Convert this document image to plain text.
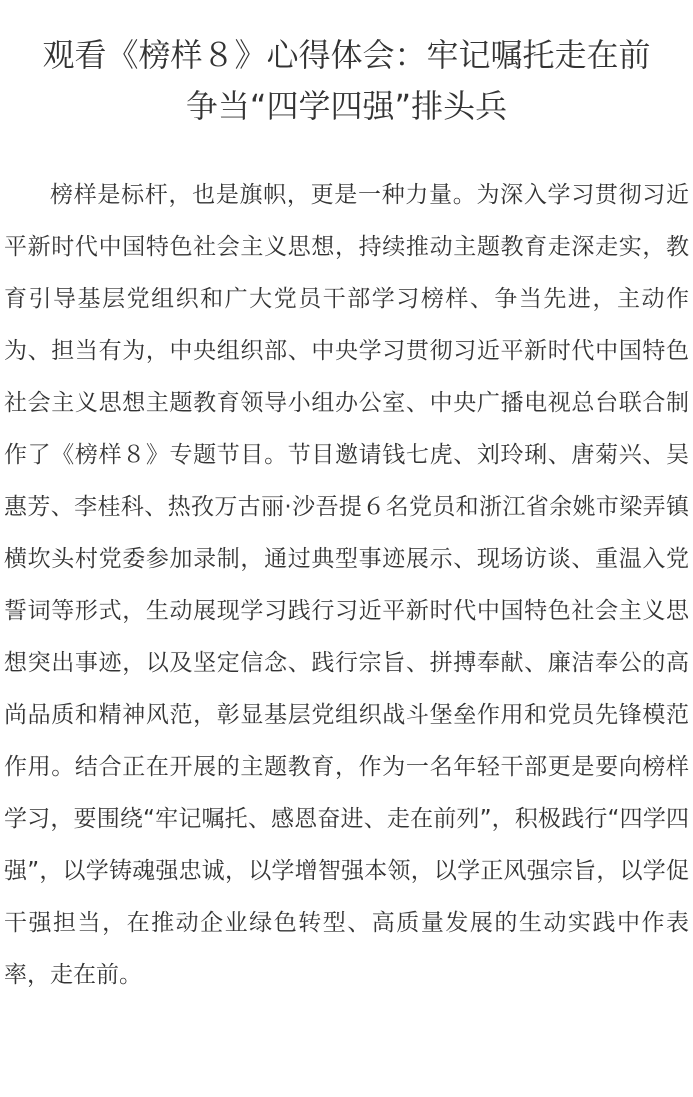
观看《榜样８》心得体会：牢记嘱托走在前
争当“四学四强”排头兵

榜样是标杆，也是旗帜，更是一种力量。为深入学习贯彻习近平新时代中国特色社会主义思想，持续推动主题教育走深走实，教育引导基层党组织和广大党员干部学习榜样、争当先进，主动作为、担当有为，中央组织部、中央学习贯彻习近平新时代中国特色社会主义思想主题教育领导小组办公室、中央广播电视总台联合制作了《榜样８》专题节目。节目邀请钱七虎、刘玲琍、唐菊兴、吴惠芳、李桂科、热孜万古丽·沙吾提６名党员和浙江省余姚市梁弄镇横坎头村党委参加录制，通过典型事迹展示、现场访谈、重温入党誓词等形式，生动展现学习践行习近平新时代中国特色社会主义思想突出事迹，以及坚定信念、践行宗旨、拼搏奉献、廉洁奉公的高尚品质和精神风范，彰显基层党组织战斗堡垒作用和党员先锋模范作用。结合正在开展的主题教育，作为一名年轻干部更是要向榜样学习，要围绕“牢记嘱托、感恩奋进、走在前列”，积极践行“四学四强”，以学铸魂强忠诚，以学增智强本领，以学正风强宗旨，以学促干强担当，在推动企业绿色转型、高质量发展的生动实践中作表率，走在前。
